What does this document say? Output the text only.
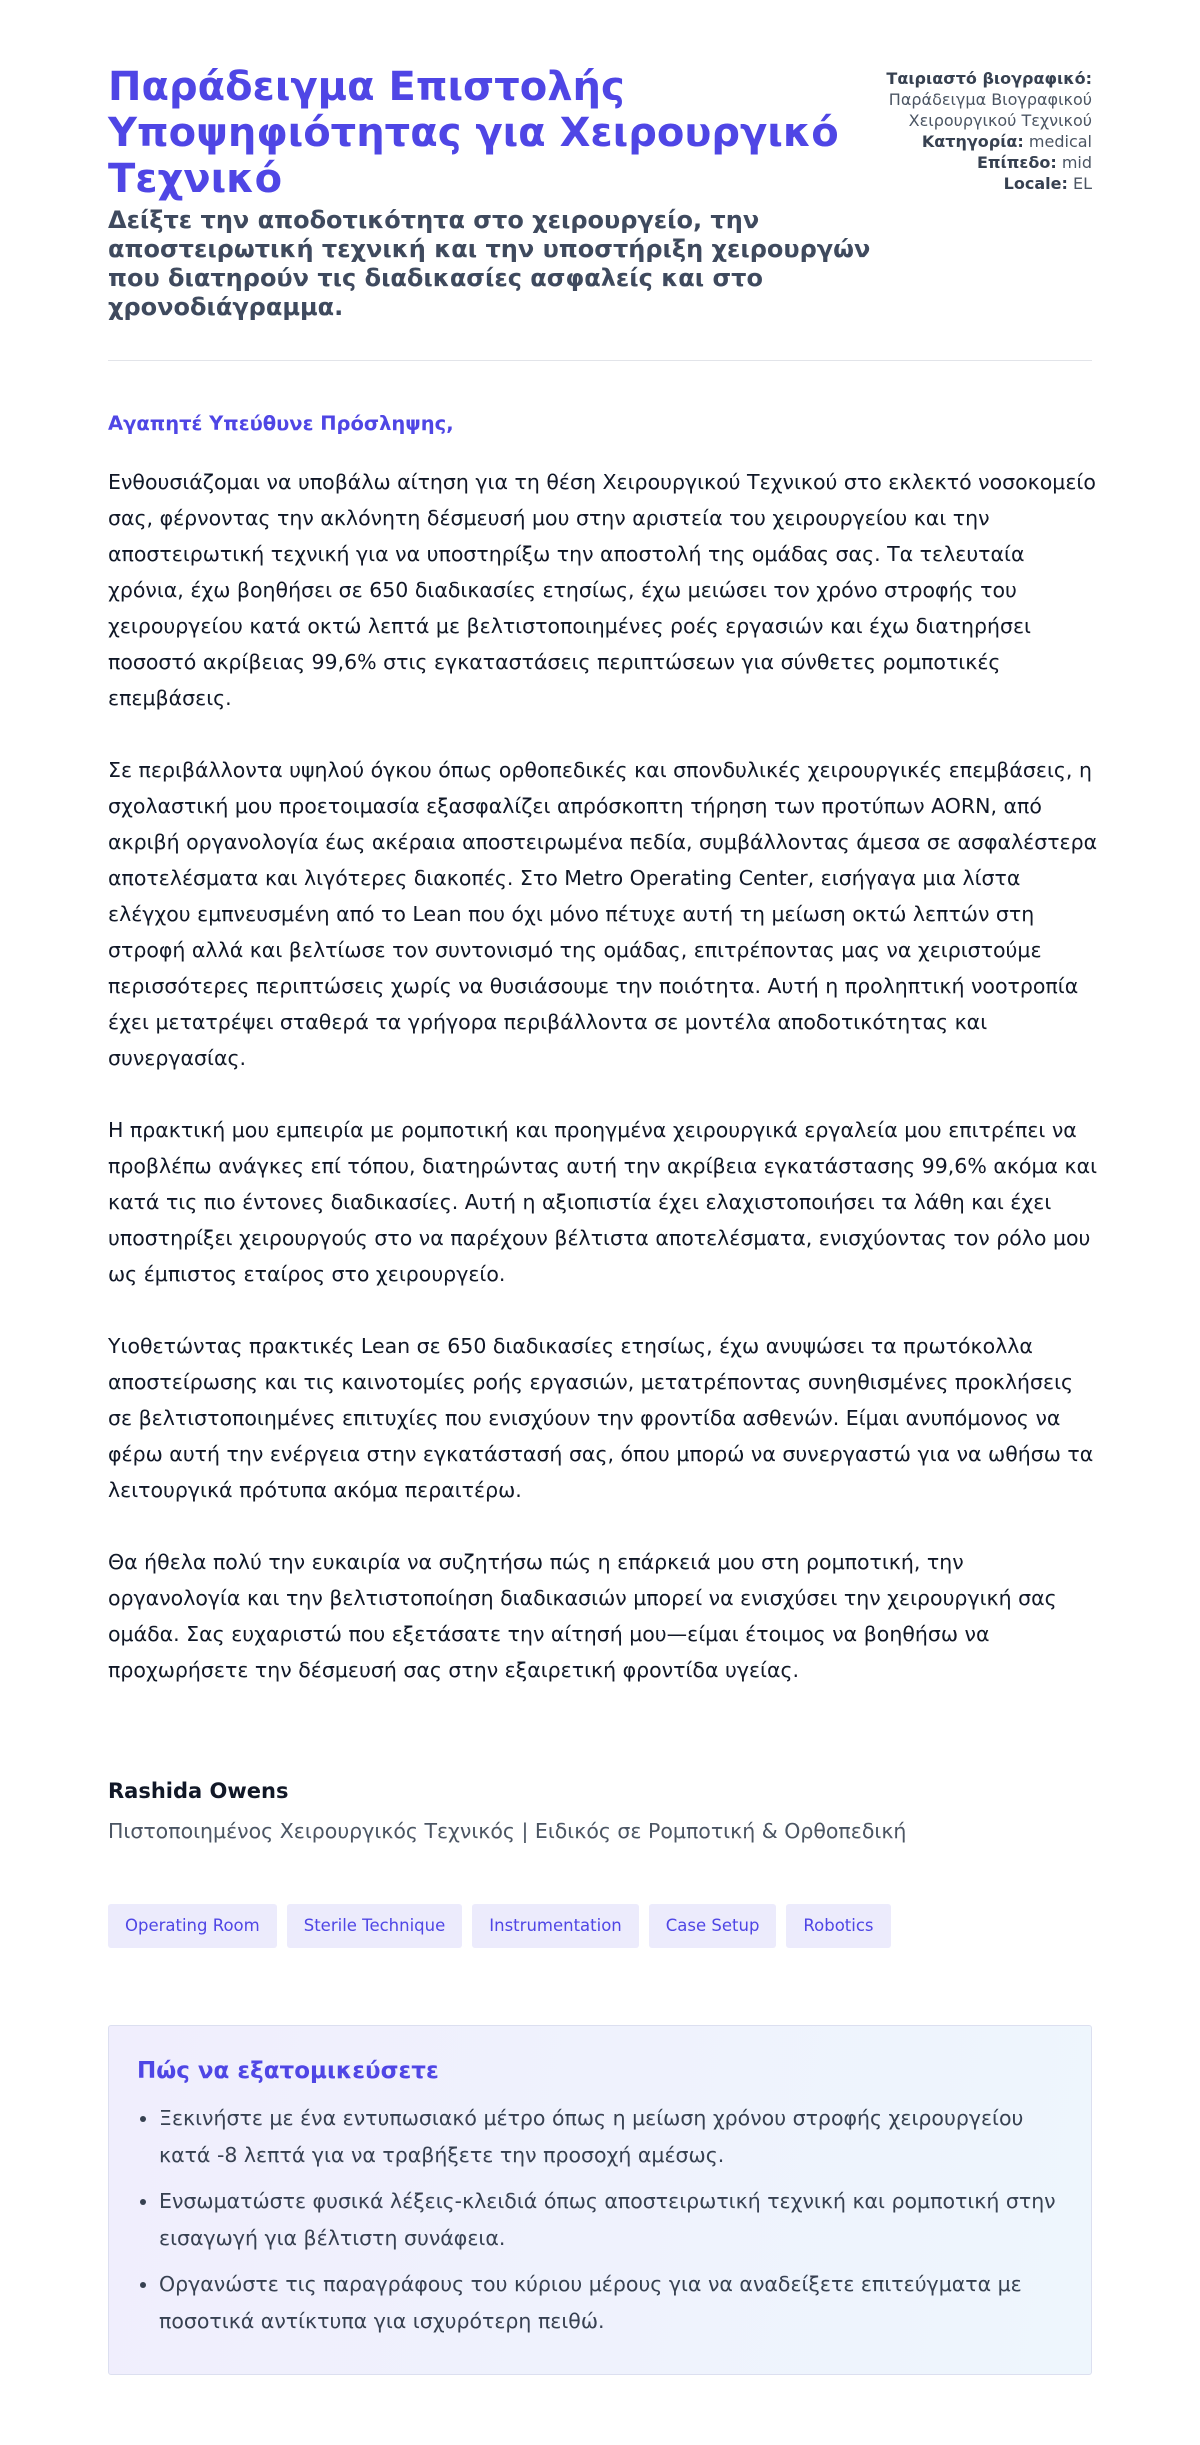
Παράδειγμα Επιστολής Υποψηφιότητας για Χειρουργικό Τεχνικό
Δείξτε την αποδοτικότητα στο χειρουργείο, την αποστειρωτική τεχνική και την υποστήριξη χειρουργών που διατηρούν τις διαδικασίες ασφαλείς και στο χρονοδιάγραμμα.
Ταιριαστό βιογραφικό: Παράδειγμα Βιογραφικού Χειρουργικού Τεχνικού
Κατηγορία: medical
Επίπεδο: mid
Locale: EL

Αγαπητέ Υπεύθυνε Πρόσληψης,

Ενθουσιάζομαι να υποβάλω αίτηση για τη θέση Χειρουργικού Τεχνικού στο εκλεκτό νοσοκομείο σας, φέρνοντας την ακλόνητη δέσμευσή μου στην αριστεία του χειρουργείου και την αποστειρωτική τεχνική για να υποστηρίξω την αποστολή της ομάδας σας. Τα τελευταία χρόνια, έχω βοηθήσει σε 650 διαδικασίες ετησίως, έχω μειώσει τον χρόνο στροφής του χειρουργείου κατά οκτώ λεπτά με βελτιστοποιημένες ροές εργασιών και έχω διατηρήσει ποσοστό ακρίβειας 99,6% στις εγκαταστάσεις περιπτώσεων για σύνθετες ρομποτικές επεμβάσεις.

Σε περιβάλλοντα υψηλού όγκου όπως ορθοπεδικές και σπονδυλικές χειρουργικές επεμβάσεις, η σχολαστική μου προετοιμασία εξασφαλίζει απρόσκοπτη τήρηση των προτύπων AORN, από ακριβή οργανολογία έως ακέραια αποστειρωμένα πεδία, συμβάλλοντας άμεσα σε ασφαλέστερα αποτελέσματα και λιγότερες διακοπές. Στο Metro Operating Center, εισήγαγα μια λίστα ελέγχου εμπνευσμένη από το Lean που όχι μόνο πέτυχε αυτή τη μείωση οκτώ λεπτών στη στροφή αλλά και βελτίωσε τον συντονισμό της ομάδας, επιτρέποντας μας να χειριστούμε περισσότερες περιπτώσεις χωρίς να θυσιάσουμε την ποιότητα. Αυτή η προληπτική νοοτροπία έχει μετατρέψει σταθερά τα γρήγορα περιβάλλοντα σε μοντέλα αποδοτικότητας και συνεργασίας.

Η πρακτική μου εμπειρία με ρομποτική και προηγμένα χειρουργικά εργαλεία μου επιτρέπει να προβλέπω ανάγκες επί τόπου, διατηρώντας αυτή την ακρίβεια εγκατάστασης 99,6% ακόμα και κατά τις πιο έντονες διαδικασίες. Αυτή η αξιοπιστία έχει ελαχιστοποιήσει τα λάθη και έχει υποστηρίξει χειρουργούς στο να παρέχουν βέλτιστα αποτελέσματα, ενισχύοντας τον ρόλο μου ως έμπιστος εταίρος στο χειρουργείο.

Υιοθετώντας πρακτικές Lean σε 650 διαδικασίες ετησίως, έχω ανυψώσει τα πρωτόκολλα αποστείρωσης και τις καινοτομίες ροής εργασιών, μετατρέποντας συνηθισμένες προκλήσεις σε βελτιστοποιημένες επιτυχίες που ενισχύουν την φροντίδα ασθενών. Είμαι ανυπόμονος να φέρω αυτή την ενέργεια στην εγκατάστασή σας, όπου μπορώ να συνεργαστώ για να ωθήσω τα λειτουργικά πρότυπα ακόμα περαιτέρω.

Θα ήθελα πολύ την ευκαιρία να συζητήσω πώς η επάρκειά μου στη ρομποτική, την οργανολογία και την βελτιστοποίηση διαδικασιών μπορεί να ενισχύσει την χειρουργική σας ομάδα. Σας ευχαριστώ που εξετάσατε την αίτησή μου—είμαι έτοιμος να βοηθήσω να προχωρήσετε την δέσμευσή σας στην εξαιρετική φροντίδα υγείας.

Rashida Owens

Πιστοποιημένος Χειρουργικός Τεχνικός | Ειδικός σε Ρομποτική & Ορθοπεδική

Operating Room	Sterile Technique	Instrumentation	Case Setup	Robotics
Πώς να εξατομικεύσετε
• Ξεκινήστε με ένα εντυπωσιακό μέτρο όπως η μείωση χρόνου στροφής χειρουργείου κατά -8 λεπτά για να τραβήξετε την προσοχή αμέσως.
• Ενσωματώστε φυσικά λέξεις-κλειδιά όπως αποστειρωτική τεχνική και ρομποτική στην εισαγωγή για βέλτιστη συνάφεια.
• Οργανώστε τις παραγράφους του κύριου μέρους για να αναδείξετε επιτεύγματα με ποσοτικά αντίκτυπα για ισχυρότερη πειθώ.
